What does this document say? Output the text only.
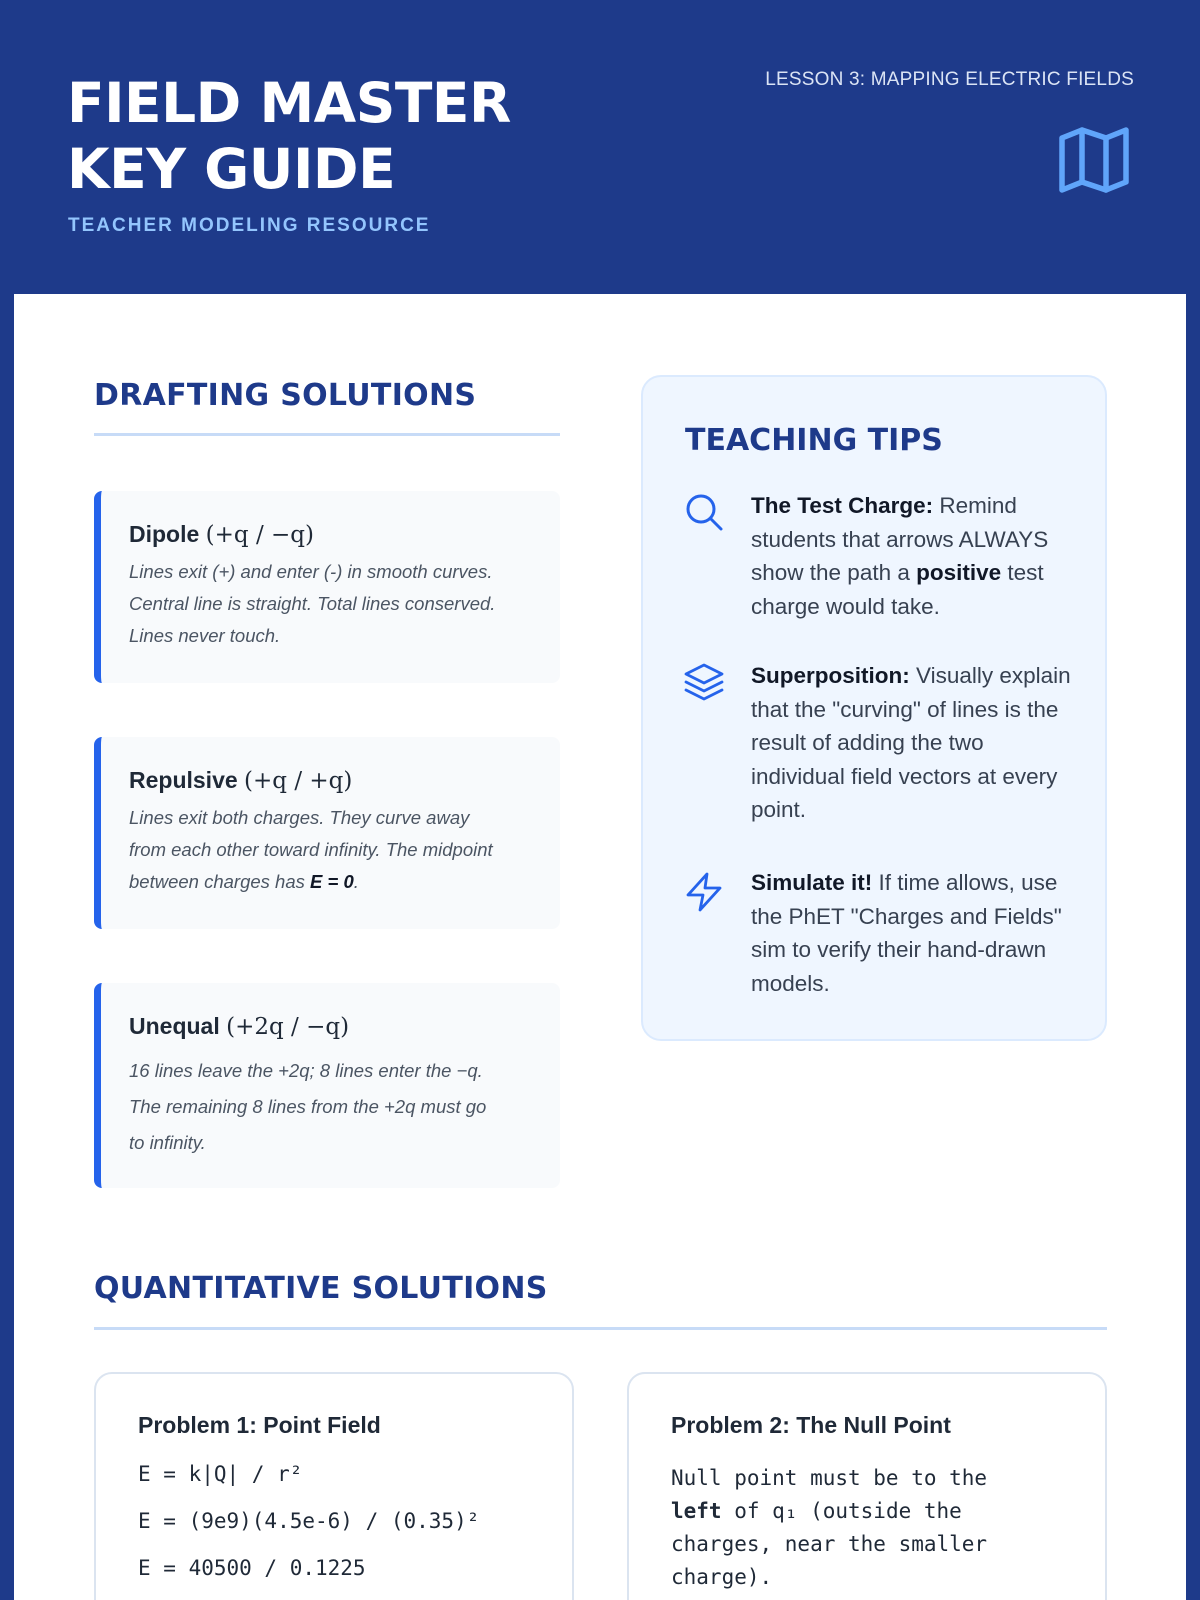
FIELD MASTER
KEY GUIDE
TEACHER MODELING RESOURCE
LESSON 3: MAPPING ELECTRIC FIELDS
DRAFTING SOLUTIONS
Dipole (+q / −q)
Lines exit (+) and enter (-) in smooth curves.
Central line is straight. Total lines conserved.
Lines never touch.
Repulsive (+q / +q)
Lines exit both charges. They curve away
from each other toward infinity. The midpoint
between charges has E = 0.
Unequal (+2q / −q)
16 lines leave the +2q; 8 lines enter the −q.
The remaining 8 lines from the +2q must go
to infinity.
TEACHING TIPS
The Test Charge: Remind students that arrows ALWAYS show the path a positive test charge would take.
Superposition: Visually explain that the "curving" of lines is the result of adding the two individual field vectors at every point.
Simulate it! If time allows, use the PhET "Charges and Fields" sim to verify their hand-drawn models.
QUANTITATIVE SOLUTIONS
Problem 1: Point Field
E = k|Q| / r²
E = (9e9)(4.5e-6) / (0.35)²
E = 40500 / 0.1225
Problem 2: The Null Point
Null point must be to the
left of q₁ (outside the
charges, near the smaller
charge).
